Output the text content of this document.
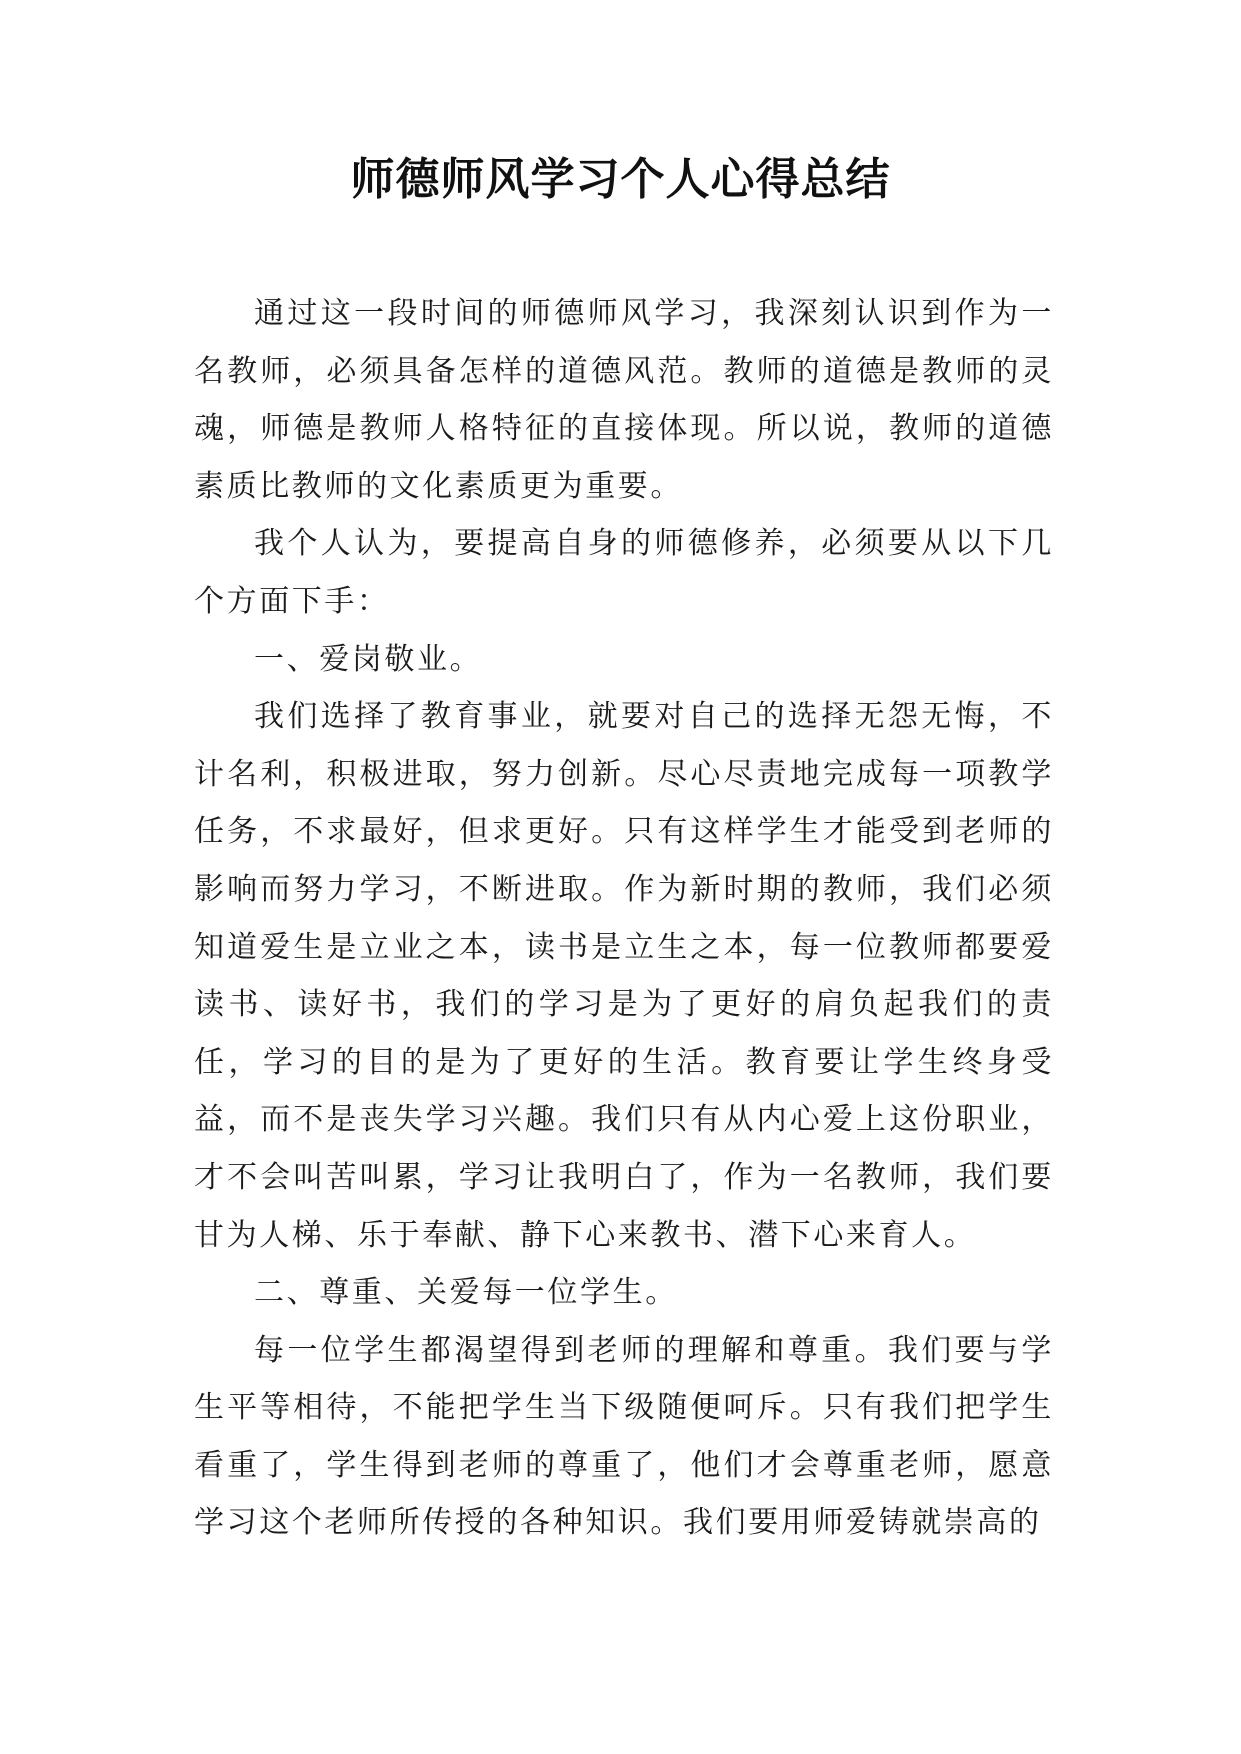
师德师风学习个人心得总结

通过这一段时间的师德师风学习，我深刻认识到作为一名教师，必须具备怎样的道德风范。教师的道德是教师的灵魂，师德是教师人格特征的直接体现。所以说，教师的道德素质比教师的文化素质更为重要。

我个人认为，要提高自身的师德修养，必须要从以下几个方面下手：

一、爱岗敬业。

我们选择了教育事业，就要对自己的选择无怨无悔，不计名利，积极进取，努力创新。尽心尽责地完成每一项教学任务，不求最好，但求更好。只有这样学生才能受到老师的影响而努力学习，不断进取。作为新时期的教师，我们必须知道爱生是立业之本，读书是立生之本，每一位教师都要爱读书、读好书，我们的学习是为了更好的肩负起我们的责任，学习的目的是为了更好的生活。教育要让学生终身受益，而不是丧失学习兴趣。我们只有从内心爱上这份职业，才不会叫苦叫累，学习让我明白了，作为一名教师，我们要甘为人梯、乐于奉献、静下心来教书、潜下心来育人。

二、尊重、关爱每一位学生。

每一位学生都渴望得到老师的理解和尊重。我们要与学生平等相待，不能把学生当下级随便呵斥。只有我们把学生看重了，学生得到老师的尊重了，他们才会尊重老师，愿意学习这个老师所传授的各种知识。我们要用师爱铸就崇高的
